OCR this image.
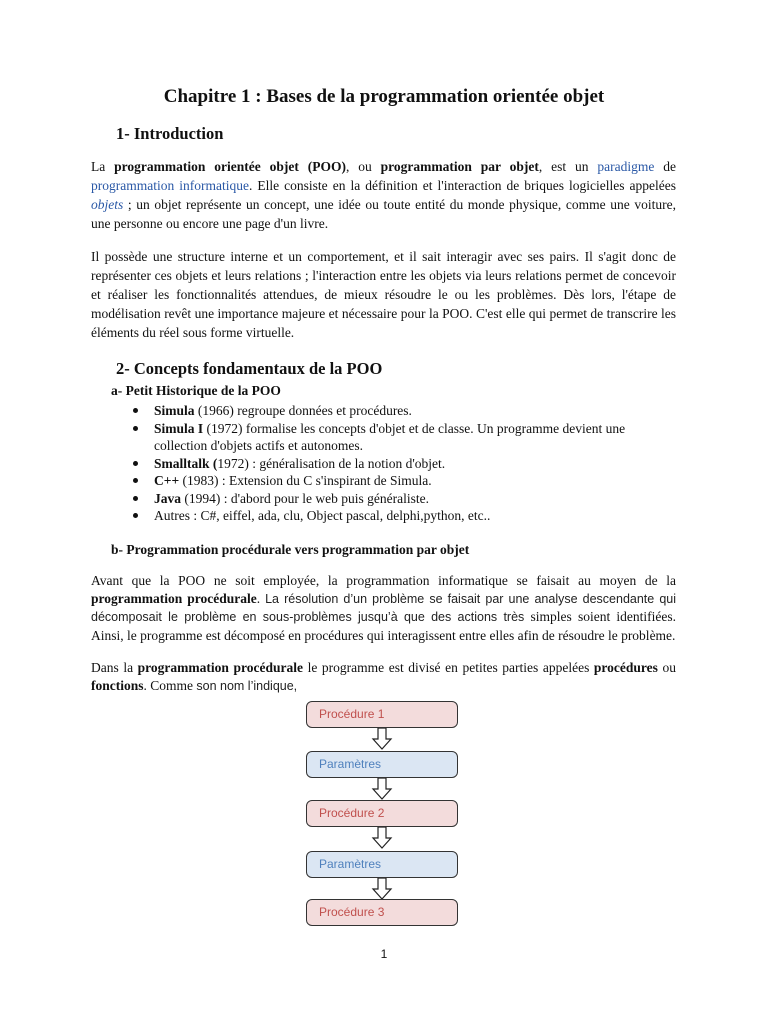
Chapitre 1 : Bases de la programmation orientée objet
1- Introduction

La programmation orientée objet (POO), ou programmation par objet, est un paradigme de programmation informatique. Elle consiste en la définition et l'interaction de briques logicielles appelées objets ; un objet représente un concept, une idée ou toute entité du monde physique, comme une voiture, une personne ou encore une page d'un livre.

Il possède une structure interne et un comportement, et il sait interagir avec ses pairs. Il s'agit donc de représenter ces objets et leurs relations ; l'interaction entre les objets via leurs relations permet de concevoir et réaliser les fonctionnalités attendues, de mieux résoudre le ou les problèmes. Dès lors, l'étape de modélisation revêt une importance majeure et nécessaire pour la POO. C'est elle qui permet de transcrire les éléments du réel sous forme virtuelle.

2- Concepts fondamentaux de la POO
a- Petit Historique de la POO
Simula (1966) regroupe données et procédures.
Simula I (1972) formalise les concepts d'objet et de classe. Un programme devient une collection d'objets actifs et autonomes.
Smalltalk (1972) : généralisation de la notion d'objet.
C++ (1983) : Extension du C s'inspirant de Simula.
Java (1994) : d'abord pour le web puis généraliste.
Autres : C#, eiffel, ada, clu, Object pascal, delphi,python, etc..
b- Programmation procédurale vers programmation par objet

Avant que la POO ne soit employée, la programmation informatique se faisait au moyen de la programmation procédurale. La résolution d’un problème se faisait par une analyse descendante qui décomposait le problème en sous-problèmes jusqu’à que des actions très simples soient identifiées. Ainsi, le programme est décomposé en procédures qui interagissent entre elles afin de résoudre le problème.

Dans la programmation procédurale le programme est divisé en petites parties appelées procédures ou fonctions. Comme son nom l’indique,

Procédure 1
Paramètres
Procédure 2
Paramètres
Procédure 3
1
